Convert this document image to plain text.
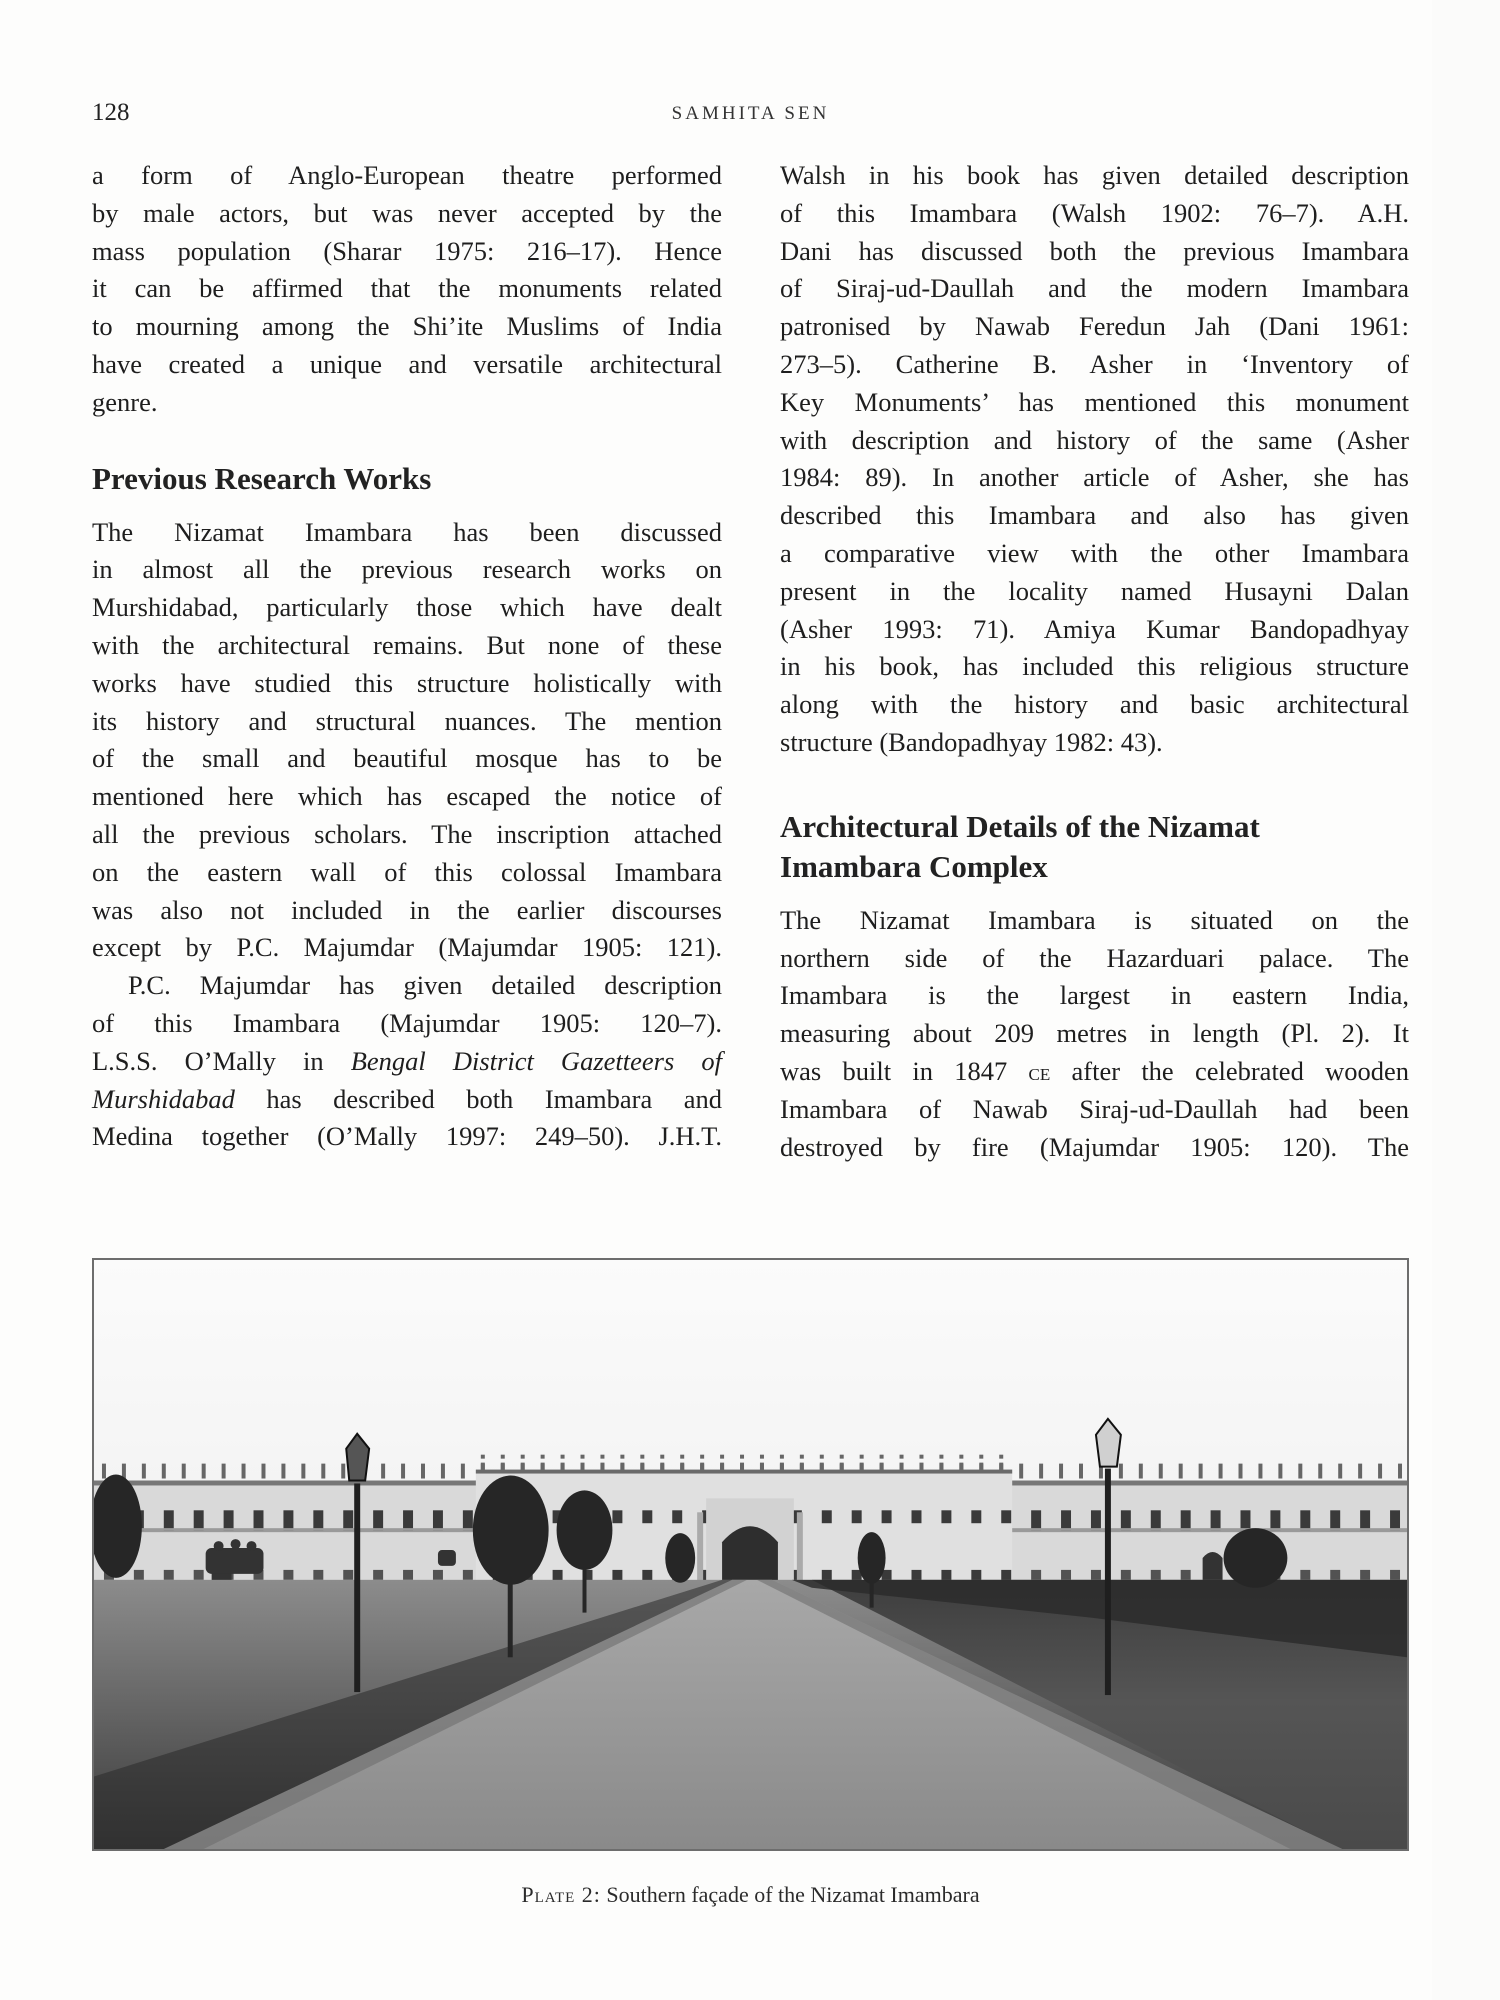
128	SAMHITA SEN
a form of Anglo-European theatre performed
by male actors, but was never accepted by the
mass population (Sharar 1975: 216–17). Hence
it can be affirmed that the monuments related
to mourning among the Shi’ite Muslims of India
have created a unique and versatile architectural
genre.
Previous Research Works
The Nizamat Imambara has been discussed
in almost all the previous research works on
Murshidabad, particularly those which have dealt
with the architectural remains. But none of these
works have studied this structure holistically with
its history and structural nuances. The mention
of the small and beautiful mosque has to be
mentioned here which has escaped the notice of
all the previous scholars. The inscription attached
on the eastern wall of this colossal Imambara
was also not included in the earlier discourses
except by P.C. Majumdar (Majumdar 1905: 121).
P.C. Majumdar has given detailed description
of this Imambara (Majumdar 1905: 120–7).
L.S.S. O’Mally in Bengal District Gazetteers of
Murshidabad has described both Imambara and
Medina together (O’Mally 1997: 249–50). J.H.T.
Walsh in his book has given detailed description
of this Imambara (Walsh 1902: 76–7). A.H.
Dani has discussed both the previous Imambara
of Siraj-ud-Daullah and the modern Imambara
patronised by Nawab Feredun Jah (Dani 1961:
273–5). Catherine B. Asher in ‘Inventory of
Key Monuments’ has mentioned this monument
with description and history of the same (Asher
1984: 89). In another article of Asher, she has
described this Imambara and also has given
a comparative view with the other Imambara
present in the locality named Husayni Dalan
(Asher 1993: 71). Amiya Kumar Bandopadhyay
in his book, has included this religious structure
along with the history and basic architectural
structure (Bandopadhyay 1982: 43).
Architectural Details of the Nizamat
Imambara Complex
The Nizamat Imambara is situated on the
northern side of the Hazarduari palace. The
Imambara is the largest in eastern India,
measuring about 209 metres in length (Pl. 2). It
was built in 1847 ce after the celebrated wooden
Imambara of Nawab Siraj-ud-Daullah had been
destroyed by fire (Majumdar 1905: 120). The
Plate 2: Southern façade of the Nizamat Imambara
